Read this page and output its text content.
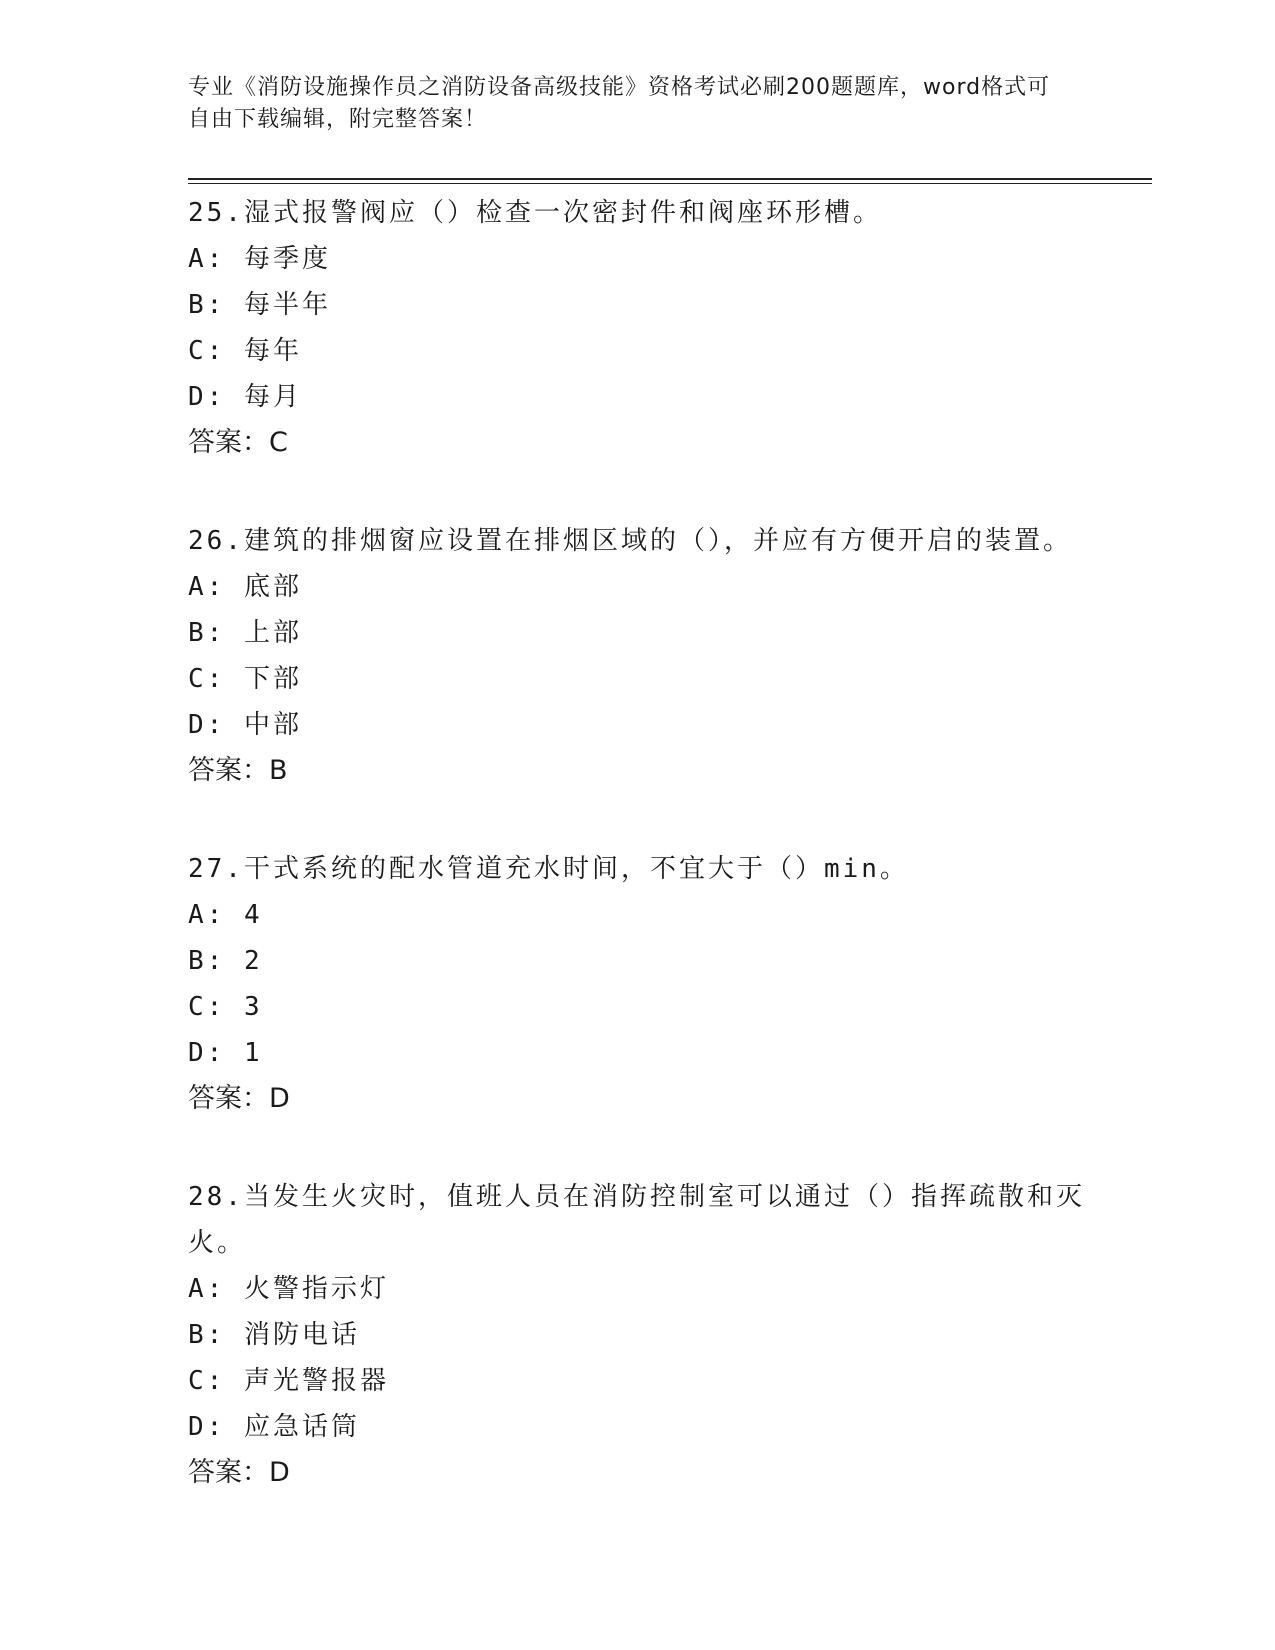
专业《消防设施操作员之消防设备高级技能》资格考试必刷200题题库，word格式可自由下载编辑，附完整答案！

25.湿式报警阀应（）检查一次密封件和阀座环形槽。

A: 每季度

B: 每半年

C: 每年

D: 每月

答案：C

26.建筑的排烟窗应设置在排烟区域的（），并应有方便开启的装置。

A: 底部

B: 上部

C: 下部

D: 中部

答案：B

27.干式系统的配水管道充水时间，不宜大于（）min。

A: 4

B: 2

C: 3

D: 1

答案：D

28.当发生火灾时，值班人员在消防控制室可以通过（）指挥疏散和灭火。

A: 火警指示灯

B: 消防电话

C: 声光警报器

D: 应急话筒

答案：D
